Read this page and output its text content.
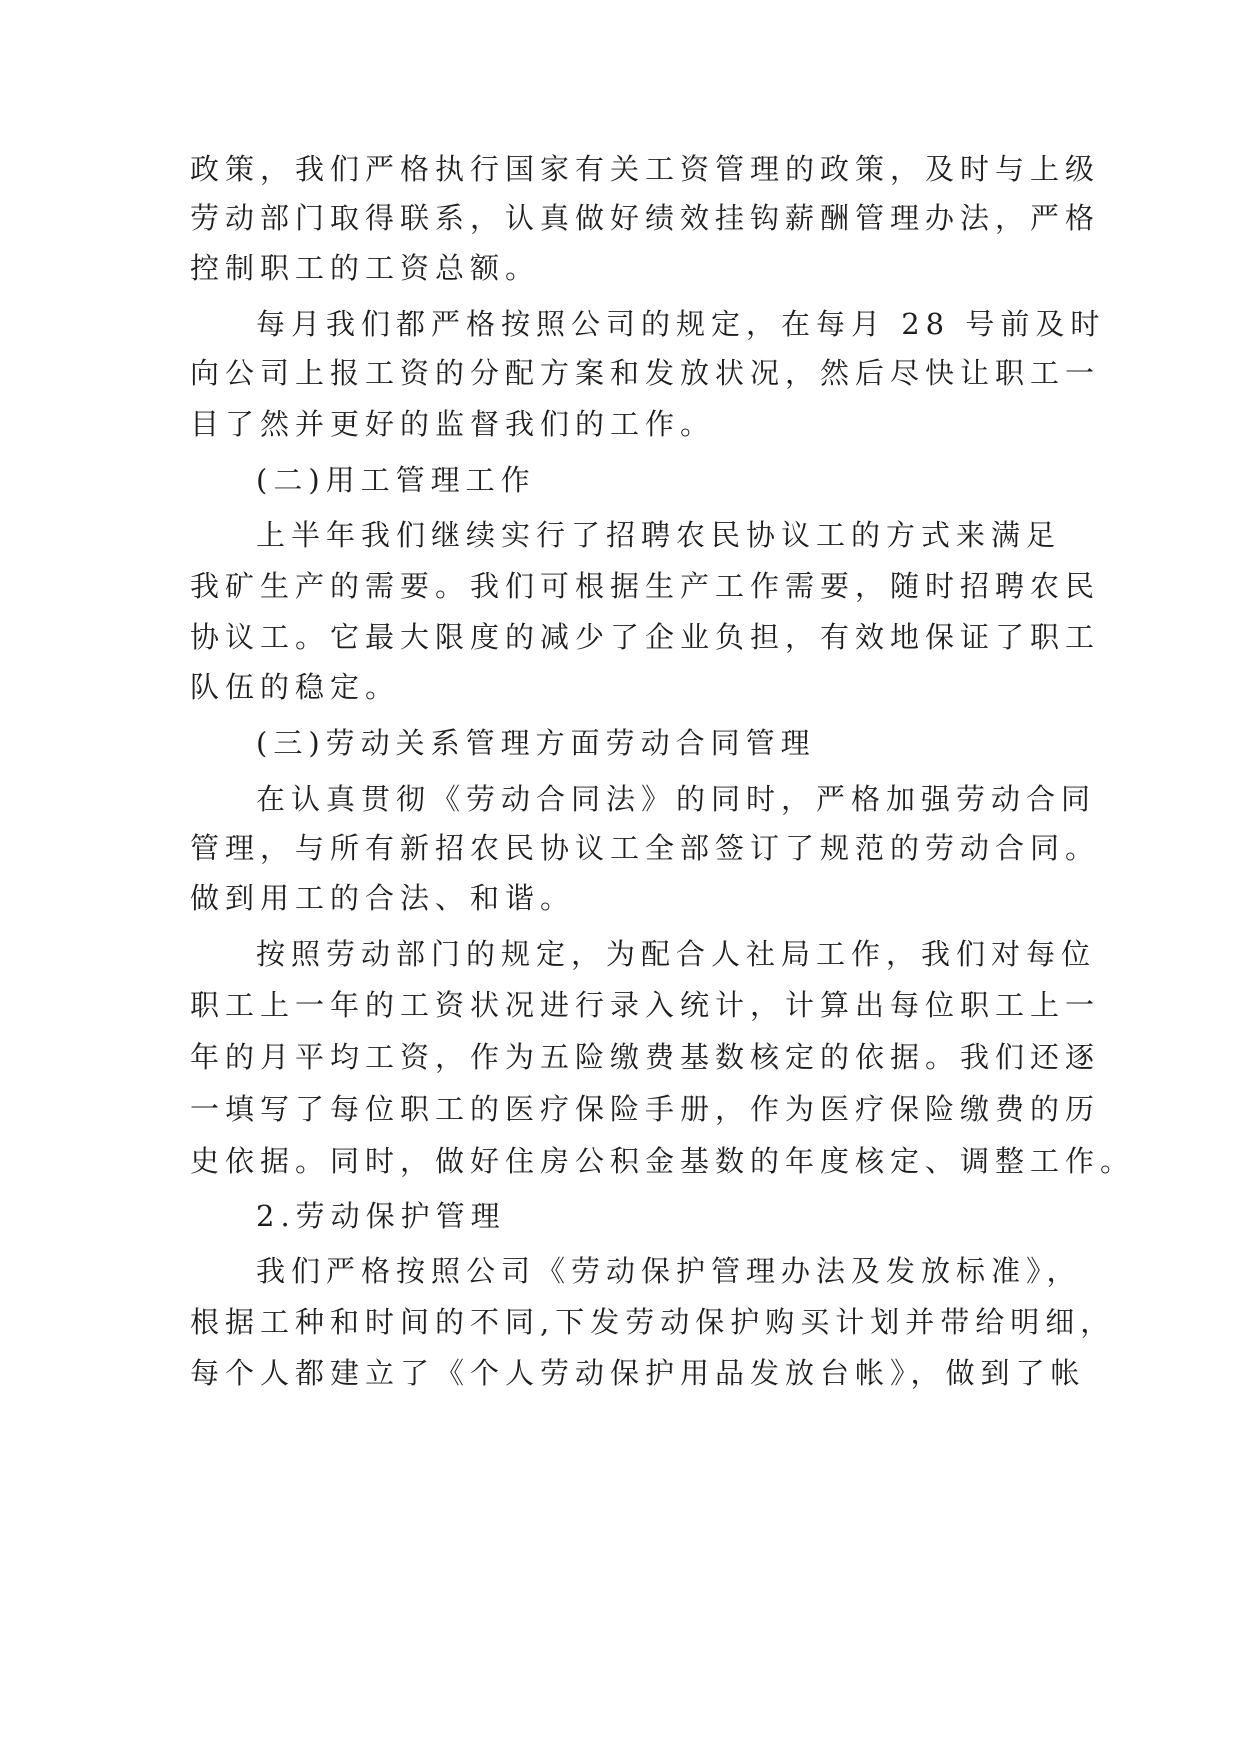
政策，我们严格执行国家有关工资管理的政策，及时与上级
劳动部门取得联系，认真做好绩效挂钩薪酬管理办法，严格
控制职工的工资总额。
每月我们都严格按照公司的规定，在每月 28 号前及时
向公司上报工资的分配方案和发放状况，然后尽快让职工一
目了然并更好的监督我们的工作。
(二)用工管理工作
上半年我们继续实行了招聘农民协议工的方式来满足
我矿生产的需要。我们可根据生产工作需要，随时招聘农民
协议工。它最大限度的减少了企业负担，有效地保证了职工
队伍的稳定。
(三)劳动关系管理方面劳动合同管理
在认真贯彻《劳动合同法》的同时，严格加强劳动合同
管理，与所有新招农民协议工全部签订了规范的劳动合同。
做到用工的合法、和谐。
按照劳动部门的规定，为配合人社局工作，我们对每位
职工上一年的工资状况进行录入统计，计算出每位职工上一
年的月平均工资，作为五险缴费基数核定的依据。我们还逐
一填写了每位职工的医疗保险手册，作为医疗保险缴费的历
史依据。同时，做好住房公积金基数的年度核定、调整工作。
2.劳动保护管理
我们严格按照公司《劳动保护管理办法及发放标准》，
根据工种和时间的不同,下发劳动保护购买计划并带给明细，
每个人都建立了《个人劳动保护用品发放台帐》，做到了帐
